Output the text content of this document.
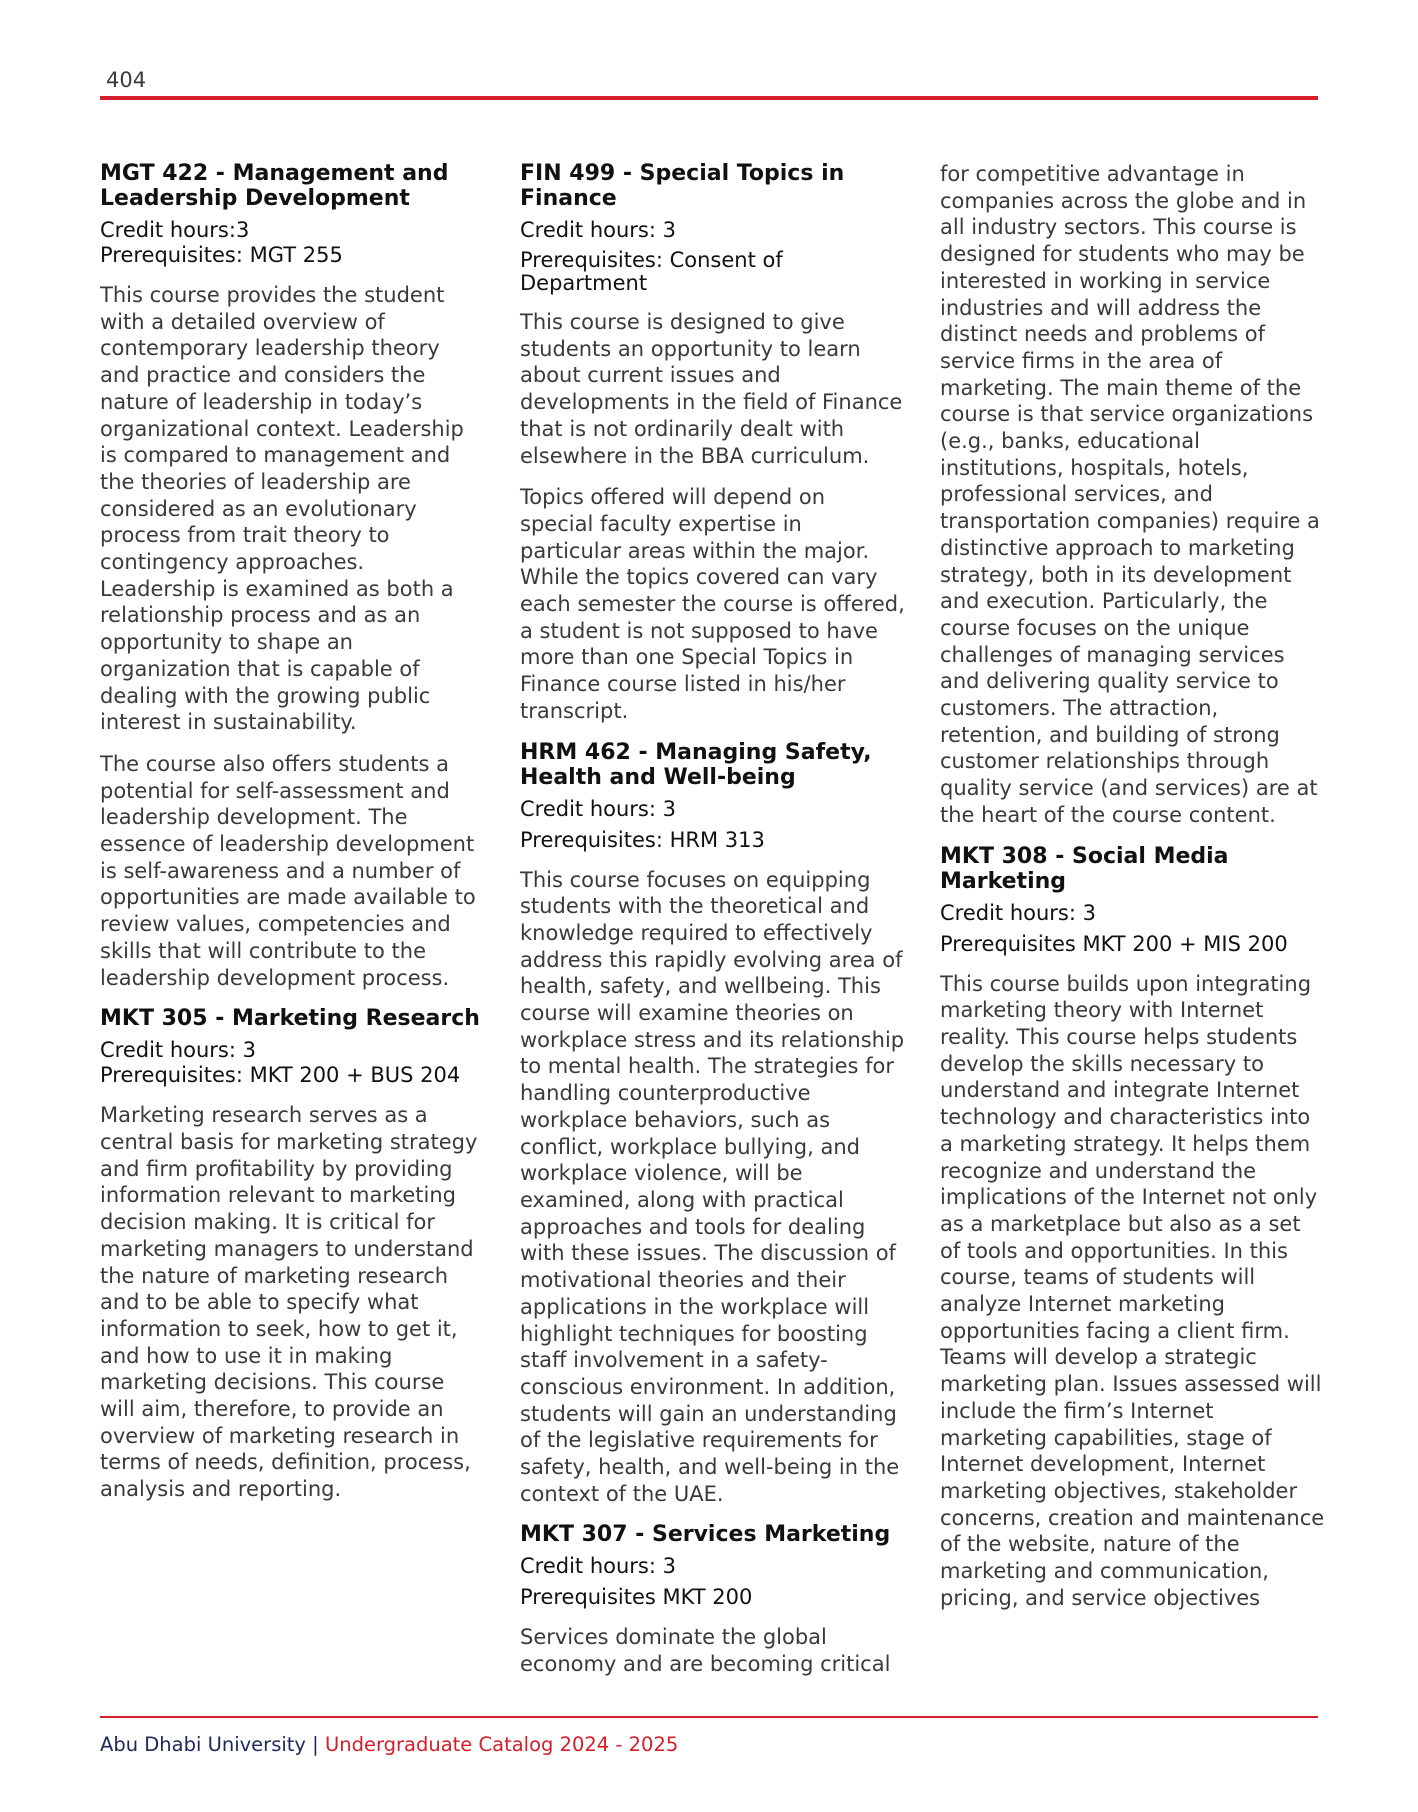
404
MGT 422 - Management and
Leadership Development
Credit hours:3
Prerequisites: MGT 255

This course provides the student with a detailed overview of contemporary leadership theory and practice and considers the nature of leadership in today’s organizational context. Leadership is compared to management and the theories of leadership are considered as an evolutionary process from trait theory to contingency approaches. Leadership is examined as both a relationship process and as an opportunity to shape an organization that is capable of dealing with the growing public interest in sustainability.

The course also offers students a potential for self-assessment and leadership development. The essence of leadership development is self-awareness and a number of opportunities are made available to review values, competencies and skills that will contribute to the leadership development process.

MKT 305 - Marketing Research
Credit hours: 3
Prerequisites: MKT 200 + BUS 204

Marketing research serves as a central basis for marketing strategy and firm profitability by providing information relevant to marketing decision making. It is critical for marketing managers to understand the nature of marketing research and to be able to specify what information to seek, how to get it, and how to use it in making marketing decisions. This course will aim, therefore, to provide an overview of marketing research in terms of needs, definition, process, analysis and reporting.

FIN 499 - Special Topics in
Finance
Credit hours: 3
Prerequisites: Consent of
Department

This course is designed to give students an opportunity to learn about current issues and developments in the field of Finance that is not ordinarily dealt with elsewhere in the BBA curriculum.

Topics offered will depend on special faculty expertise in particular areas within the major. While the topics covered can vary each semester the course is offered, a student is not supposed to have more than one Special Topics in Finance course listed in his/her transcript.

HRM 462 - Managing Safety,
Health and Well-being
Credit hours: 3
Prerequisites: HRM 313

This course focuses on equipping students with the theoretical and knowledge required to effectively address this rapidly evolving area of health, safety, and wellbeing. This course will examine theories on workplace stress and its relationship to mental health. The strategies for handling counterproductive workplace behaviors, such as conflict, workplace bullying, and workplace violence, will be examined, along with practical approaches and tools for dealing with these issues. The discussion of motivational theories and their applications in the workplace will highlight techniques for boosting staff involvement in a safety-conscious environment. In addition, students will gain an understanding of the legislative requirements for safety, health, and well-being in the context of the UAE.

MKT 307 - Services Marketing
Credit hours: 3
Prerequisites MKT 200

Services dominate the global economy and are becoming critical

for competitive advantage in companies across the globe and in all industry sectors. This course is designed for students who may be interested in working in service industries and will address the distinct needs and problems of service firms in the area of marketing. The main theme of the course is that service organizations (e.g., banks, educational institutions, hospitals, hotels, professional services, and transportation companies) require a distinctive approach to marketing strategy, both in its development and execution. Particularly, the course focuses on the unique challenges of managing services and delivering quality service to customers. The attraction, retention, and building of strong customer relationships through quality service (and services) are at the heart of the course content.

MKT 308 - Social Media
Marketing
Credit hours: 3
Prerequisites MKT 200 + MIS 200

This course builds upon integrating marketing theory with Internet reality. This course helps students develop the skills necessary to understand and integrate Internet technology and characteristics into a marketing strategy. It helps them recognize and understand the implications of the Internet not only as a marketplace but also as a set of tools and opportunities. In this course, teams of students will analyze Internet marketing opportunities facing a client firm. Teams will develop a strategic marketing plan. Issues assessed will include the firm’s Internet marketing capabilities, stage of Internet development, Internet marketing objectives, stakeholder concerns, creation and maintenance of the website, nature of the marketing and communication, pricing, and service objectives

Abu Dhabi University | Undergraduate Catalog 2024 - 2025
